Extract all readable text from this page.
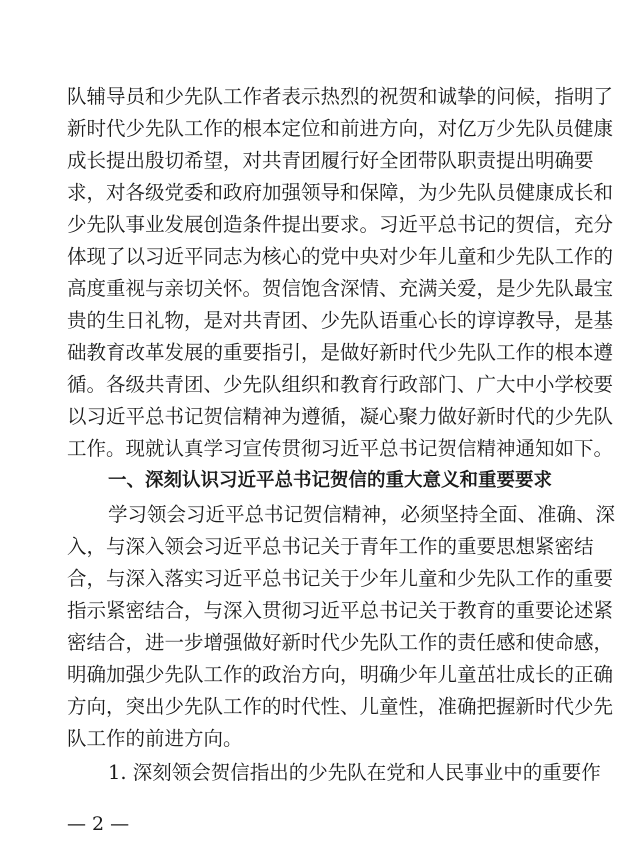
队辅导员和少先队工作者表示热烈的祝贺和诚挚的问候，指明了
新时代少先队工作的根本定位和前进方向，对亿万少先队员健康
成长提出殷切希望，对共青团履行好全团带队职责提出明确要
求，对各级党委和政府加强领导和保障，为少先队员健康成长和
少先队事业发展创造条件提出要求。习近平总书记的贺信，充分
体现了以习近平同志为核心的党中央对少年儿童和少先队工作的
高度重视与亲切关怀。贺信饱含深情、充满关爱，是少先队最宝
贵的生日礼物，是对共青团、少先队语重心长的谆谆教导，是基
础教育改革发展的重要指引，是做好新时代少先队工作的根本遵
循。各级共青团、少先队组织和教育行政部门、广大中小学校要
以习近平总书记贺信精神为遵循，凝心聚力做好新时代的少先队
工作。现就认真学习宣传贯彻习近平总书记贺信精神通知如下。
一、深刻认识习近平总书记贺信的重大意义和重要要求
学习领会习近平总书记贺信精神，必须坚持全面、准确、深
入，与深入领会习近平总书记关于青年工作的重要思想紧密结
合，与深入落实习近平总书记关于少年儿童和少先队工作的重要
指示紧密结合，与深入贯彻习近平总书记关于教育的重要论述紧
密结合，进一步增强做好新时代少先队工作的责任感和使命感，
明确加强少先队工作的政治方向，明确少年儿童茁壮成长的正确
方向，突出少先队工作的时代性、儿童性，准确把握新时代少先
队工作的前进方向。
1. 深刻领会贺信指出的少先队在党和人民事业中的重要作
— 2 —
